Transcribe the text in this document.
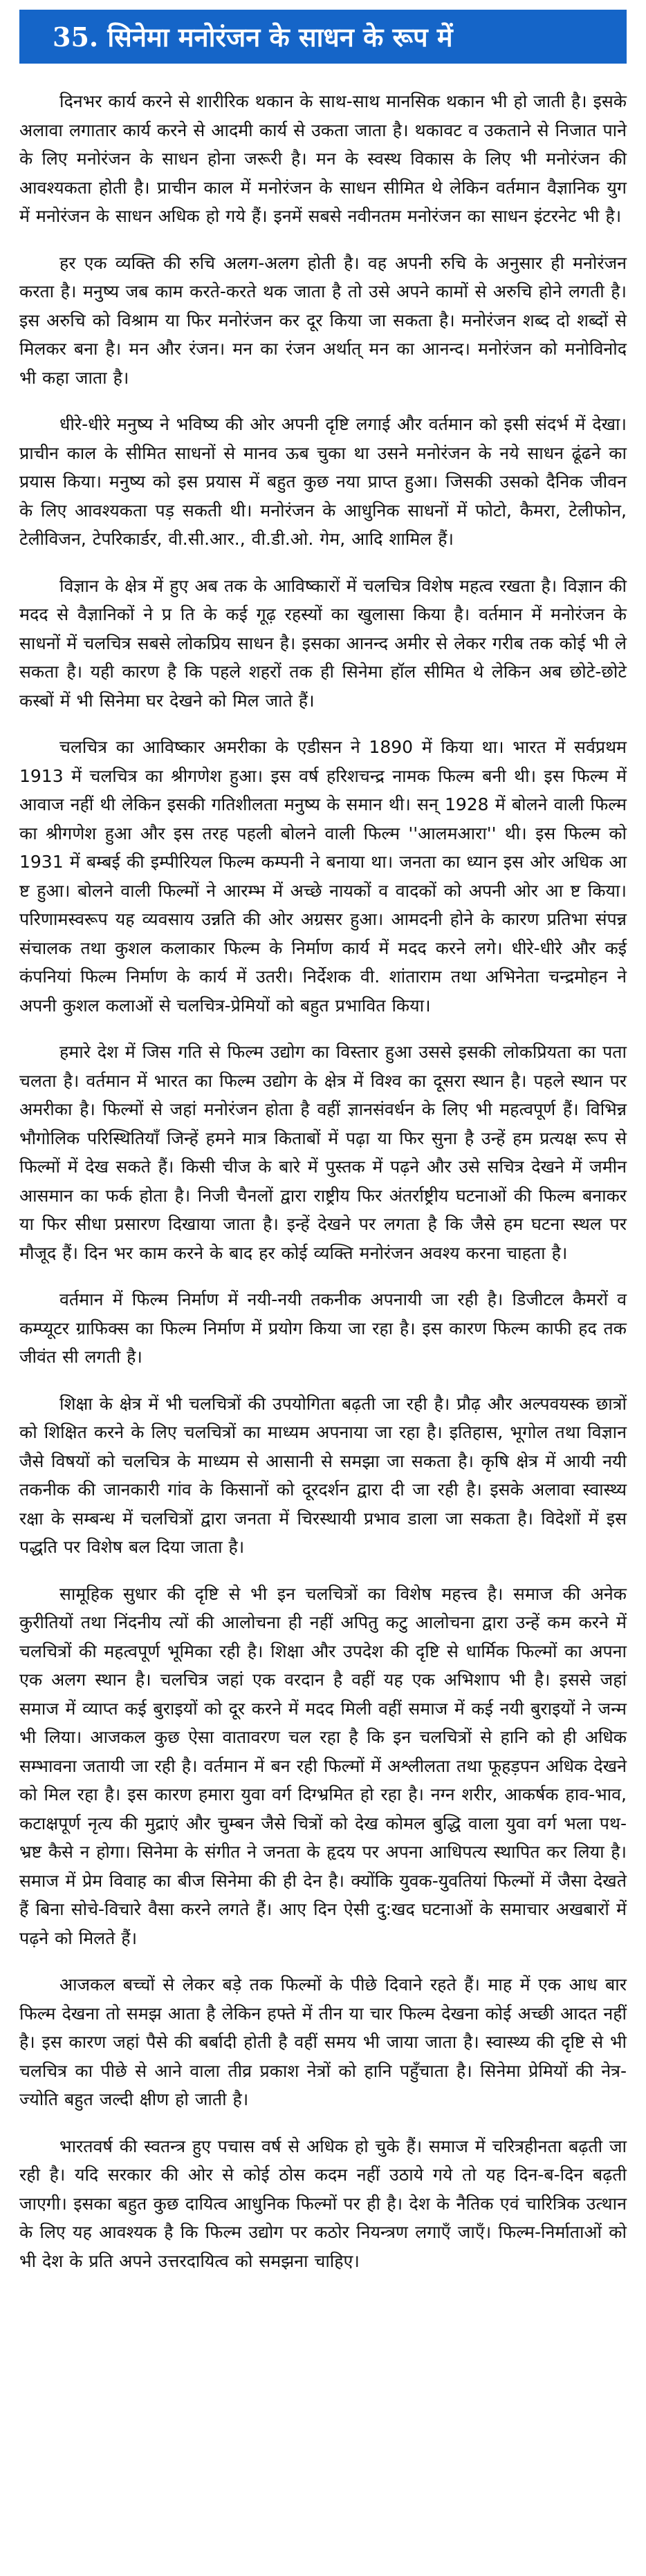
35. सिनेमा मनोरंजन के साधन के रूप में

दिनभर कार्य करने से शारीरिक थकान के साथ-साथ मानसिक थकान भी हो जाती है। इसके अलावा लगातार कार्य करने से आदमी कार्य से उकता जाता है। थकावट व उकताने से निजात पाने के लिए मनोरंजन के साधन होना जरूरी है। मन के स्वस्थ विकास के लिए भी मनोरंजन की आवश्यकता होती है। प्राचीन काल में मनोरंजन के साधन सीमित थे लेकिन वर्तमान वैज्ञानिक युग में मनोरंजन के साधन अधिक हो गये हैं। इनमें सबसे नवीनतम मनोरंजन का साधन इंटरनेट भी है।

हर एक व्यक्ति की रुचि अलग-अलग होती है। वह अपनी रुचि के अनुसार ही मनोरंजन करता है। मनुष्य जब काम करते-करते थक जाता है तो उसे अपने कामों से अरुचि होने लगती है। इस अरुचि को विश्राम या फिर मनोरंजन कर दूर किया जा सकता है। मनोरंजन शब्द दो शब्दों से मिलकर बना है। मन और रंजन। मन का रंजन अर्थात् मन का आनन्द। मनोरंजन को मनोविनोद भी कहा जाता है।

धीरे-धीरे मनुष्य ने भविष्य की ओर अपनी दृष्टि लगाई और वर्तमान को इसी संदर्भ में देखा। प्राचीन काल के सीमित साधनों से मानव ऊब चुका था उसने मनोरंजन के नये साधन ढूंढने का प्रयास किया। मनुष्य को इस प्रयास में बहुत कुछ नया प्राप्त हुआ। जिसकी उसको दैनिक जीवन के लिए आवश्यकता पड़ सकती थी। मनोरंजन के आधुनिक साधनों में फोटो, कैमरा, टेलीफोन, टेलीविजन, टेपरिकार्डर, वी.सी.आर., वी.डी.ओ. गेम, आदि शामिल हैं।

विज्ञान के क्षेत्र में हुए अब तक के आविष्कारों में चलचित्र विशेष महत्व रखता है। विज्ञान की मदद से वैज्ञानिकों ने प्र ति के कई गूढ़ रहस्यों का खुलासा किया है। वर्तमान में मनोरंजन के साधनों में चलचित्र सबसे लोकप्रिय साधन है। इसका आनन्द अमीर से लेकर गरीब तक कोई भी ले सकता है। यही कारण है कि पहले शहरों तक ही सिनेमा हॉल सीमित थे लेकिन अब छोटे-छोटे कस्बों में भी सिनेमा घर देखने को मिल जाते हैं।

चलचित्र का आविष्कार अमरीका के एडीसन ने 1890 में किया था। भारत में सर्वप्रथम 1913 में चलचित्र का श्रीगणेश हुआ। इस वर्ष हरिशचन्द्र नामक फिल्म बनी थी। इस फिल्म में आवाज नहीं थी लेकिन इसकी गतिशीलता मनुष्य के समान थी। सन् 1928 में बोलने वाली फिल्म का श्रीगणेश हुआ और इस तरह पहली बोलने वाली फिल्म ''आलमआरा'' थी। इस फिल्म को 1931 में बम्बई की इम्पीरियल फिल्म कम्पनी ने बनाया था। जनता का ध्यान इस ओर अधिक आ ष्ट हुआ। बोलने वाली फिल्मों ने आरम्भ में अच्छे नायकों व वादकों को अपनी ओर आ ष्ट किया। परिणामस्वरूप यह व्यवसाय उन्नति की ओर अग्रसर हुआ। आमदनी होने के कारण प्रतिभा संपन्न संचालक तथा कुशल कलाकार फिल्म के निर्माण कार्य में मदद करने लगे। धीरे-धीरे और कई कंपनियां फिल्म निर्माण के कार्य में उतरी। निर्देशक वी. शांताराम तथा अभिनेता चन्द्रमोहन ने अपनी कुशल कलाओं से चलचित्र-प्रेमियों को बहुत प्रभावित किया।

हमारे देश में जिस गति से फिल्म उद्योग का विस्तार हुआ उससे इसकी लोकप्रियता का पता चलता है। वर्तमान में भारत का फिल्म उद्योग के क्षेत्र में विश्व का दूसरा स्थान है। पहले स्थान पर अमरीका है। फिल्मों से जहां मनोरंजन होता है वहीं ज्ञानसंवर्धन के लिए भी महत्वपूर्ण हैं। विभिन्न भौगोलिक परिस्थितियाँ जिन्हें हमने मात्र किताबों में पढ़ा या फिर सुना है उन्हें हम प्रत्यक्ष रूप से फिल्मों में देख सकते हैं। किसी चीज के बारे में पुस्तक में पढ़ने और उसे सचित्र देखने में जमीन आसमान का फर्क होता है। निजी चैनलों द्वारा राष्ट्रीय फिर अंतर्राष्ट्रीय घटनाओं की फिल्म बनाकर या फिर सीधा प्रसारण दिखाया जाता है। इन्हें देखने पर लगता है कि जैसे हम घटना स्थल पर मौजूद हैं। दिन भर काम करने के बाद हर कोई व्यक्ति मनोरंजन अवश्य करना चाहता है।

वर्तमान में फिल्म निर्माण में नयी-नयी तकनीक अपनायी जा रही है। डिजीटल कैमरों व कम्प्यूटर ग्राफिक्स का फिल्म निर्माण में प्रयोग किया जा रहा है। इस कारण फिल्म काफी हद तक जीवंत सी लगती है।

शिक्षा के क्षेत्र में भी चलचित्रों की उपयोगिता बढ़ती जा रही है। प्रौढ़ और अल्पवयस्क छात्रों को शिक्षित करने के लिए चलचित्रों का माध्यम अपनाया जा रहा है। इतिहास, भूगोल तथा विज्ञान जैसे विषयों को चलचित्र के माध्यम से आसानी से समझा जा सकता है। कृषि क्षेत्र में आयी नयी तकनीक की जानकारी गांव के किसानों को दूरदर्शन द्वारा दी जा रही है। इसके अलावा स्वास्थ्य रक्षा के सम्बन्ध में चलचित्रों द्वारा जनता में चिरस्थायी प्रभाव डाला जा सकता है। विदेशों में इस पद्धति पर विशेष बल दिया जाता है।

सामूहिक सुधार की दृष्टि से भी इन चलचित्रों का विशेष महत्त्व है। समाज की अनेक कुरीतियों तथा निंदनीय त्यों की आलोचना ही नहीं अपितु कटु आलोचना द्वारा उन्हें कम करने में चलचित्रों की महत्वपूर्ण भूमिका रही है। शिक्षा और उपदेश की दृष्टि से धार्मिक फिल्मों का अपना एक अलग स्थान है। चलचित्र जहां एक वरदान है वहीं यह एक अभिशाप भी है। इससे जहां समाज में व्याप्त कई बुराइयों को दूर करने में मदद मिली वहीं समाज में कई नयी बुराइयों ने जन्म भी लिया। आजकल कुछ ऐसा वातावरण चल रहा है कि इन चलचित्रों से हानि को ही अधिक सम्भावना जतायी जा रही है। वर्तमान में बन रही फिल्मों में अश्लीलता तथा फूहड़पन अधिक देखने को मिल रहा है। इस कारण हमारा युवा वर्ग दिग्भ्रमित हो रहा है। नग्न शरीर, आकर्षक हाव-भाव, कटाक्षपूर्ण नृत्य की मुद्राएं और चुम्बन जैसे चित्रों को देख कोमल बुद्धि वाला युवा वर्ग भला पथ- भ्रष्ट कैसे न होगा। सिनेमा के संगीत ने जनता के हृदय पर अपना आधिपत्य स्थापित कर लिया है। समाज में प्रेम विवाह का बीज सिनेमा की ही देन है। क्योंकि युवक-युवतियां फिल्मों में जैसा देखते हैं बिना सोचे-विचारे वैसा करने लगते हैं। आए दिन ऐसी दु:खद घटनाओं के समाचार अखबारों में पढ़ने को मिलते हैं।

आजकल बच्चों से लेकर बड़े तक फिल्मों के पीछे दिवाने रहते हैं। माह में एक आध बार फिल्म देखना तो समझ आता है लेकिन हफ्ते में तीन या चार फिल्म देखना कोई अच्छी आदत नहीं है। इस कारण जहां पैसे की बर्बादी होती है वहीं समय भी जाया जाता है। स्वास्थ्य की दृष्टि से भी चलचित्र का पीछे से आने वाला तीव्र प्रकाश नेत्रों को हानि पहुँचाता है। सिनेमा प्रेमियों की नेत्र-ज्योति बहुत जल्दी क्षीण हो जाती है।

भारतवर्ष की स्वतन्त्र हुए पचास वर्ष से अधिक हो चुके हैं। समाज में चरित्रहीनता बढ़ती जा रही है। यदि सरकार की ओर से कोई ठोस कदम नहीं उठाये गये तो यह दिन-ब-दिन बढ़ती जाएगी। इसका बहुत कुछ दायित्व आधुनिक फिल्मों पर ही है। देश के नैतिक एवं चारित्रिक उत्थान के लिए यह आवश्यक है कि फिल्म उद्योग पर कठोर नियन्त्रण लगाएँ जाएँ। फिल्म-निर्माताओं को भी देश के प्रति अपने उत्तरदायित्व को समझना चाहिए।
